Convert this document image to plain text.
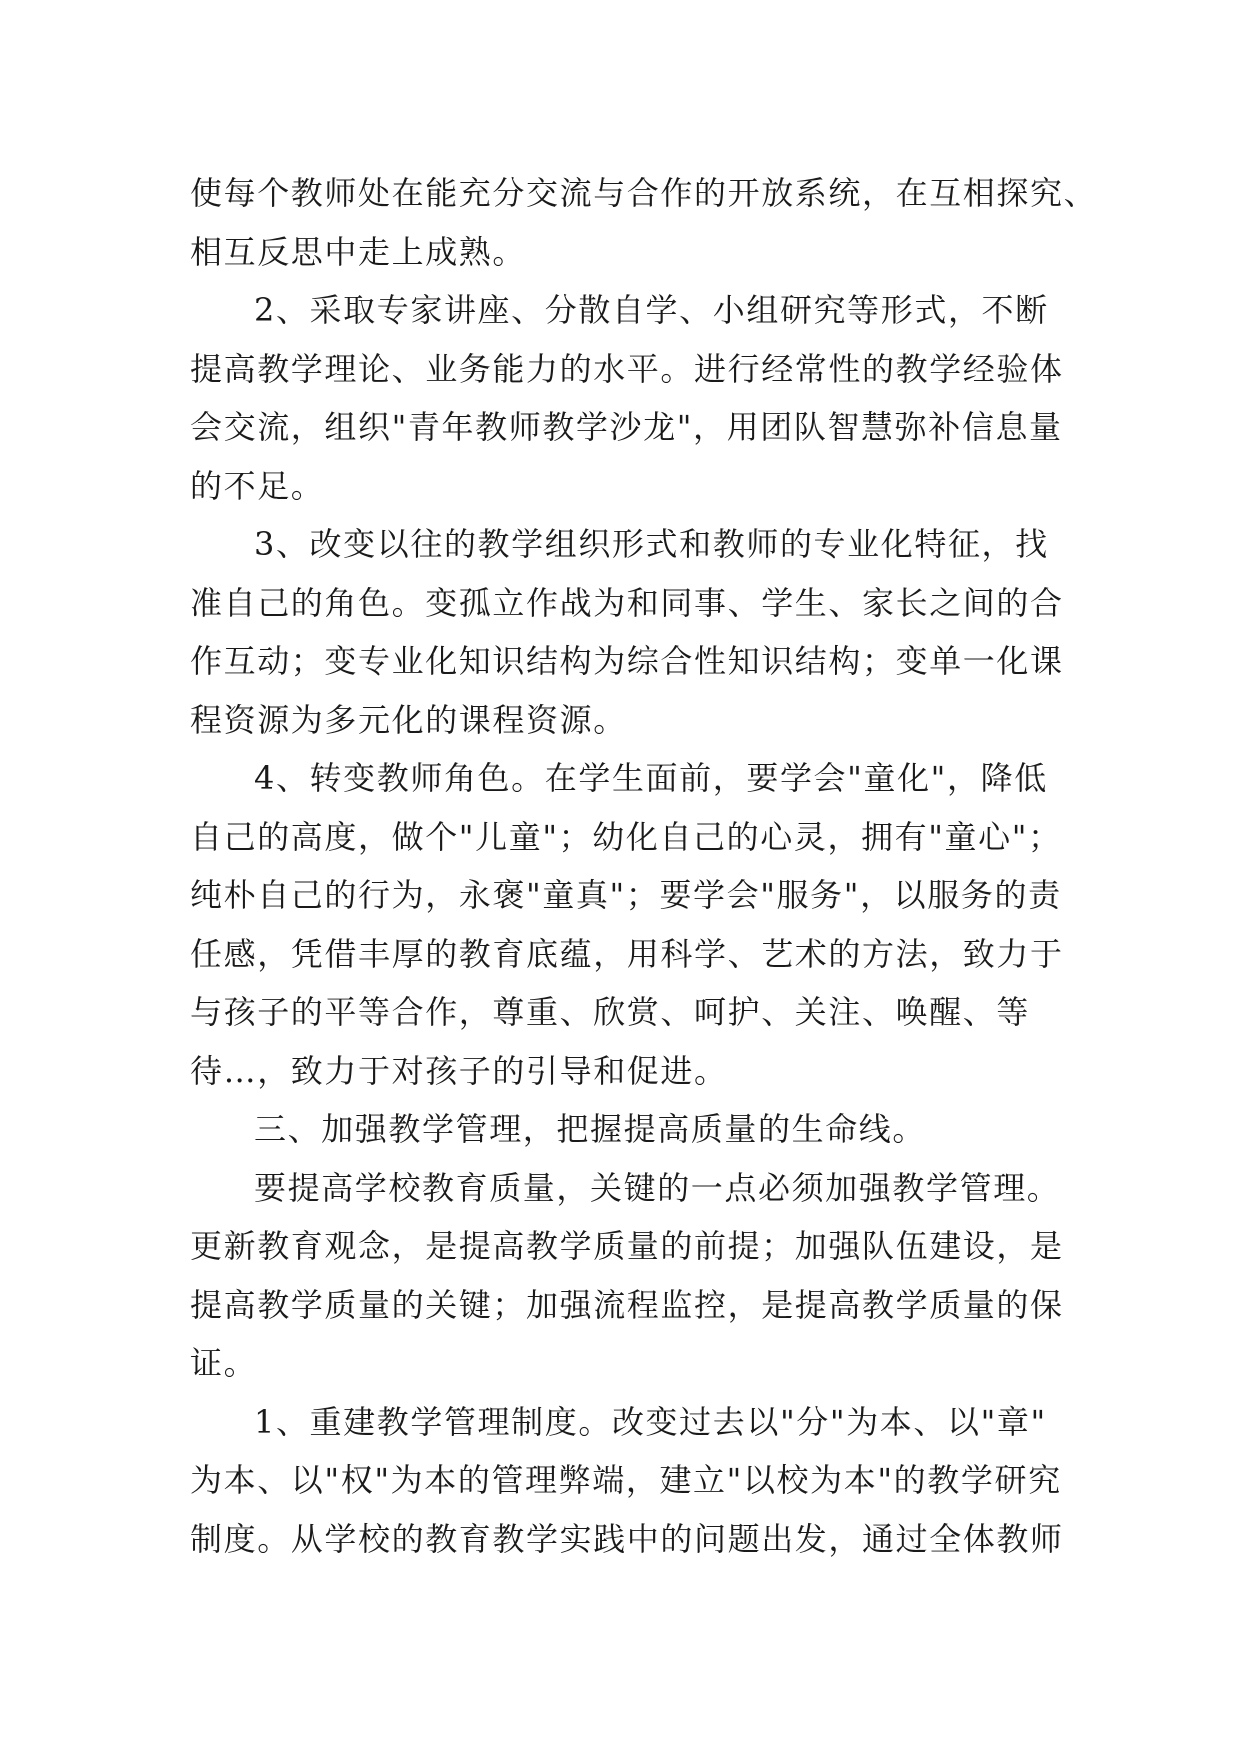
使每个教师处在能充分交流与合作的开放系统，在互相探究、
相互反思中走上成熟。
2、采取专家讲座、分散自学、小组研究等形式，不断
提高教学理论、业务能力的水平。进行经常性的教学经验体
会交流，组织"青年教师教学沙龙"，用团队智慧弥补信息量
的不足。
3、改变以往的教学组织形式和教师的专业化特征，找
准自己的角色。变孤立作战为和同事、学生、家长之间的合
作互动；变专业化知识结构为综合性知识结构；变单一化课
程资源为多元化的课程资源。
4、转变教师角色。在学生面前，要学会"童化"，降低
自己的高度，做个"儿童"；幼化自己的心灵，拥有"童心"；
纯朴自己的行为，永褒"童真"；要学会"服务"，以服务的责
任感，凭借丰厚的教育底蕴，用科学、艺术的方法，致力于
与孩子的平等合作，尊重、欣赏、呵护、关注、唤醒、等
待…，致力于对孩子的引导和促进。
三、加强教学管理，把握提高质量的生命线。
要提高学校教育质量，关键的一点必须加强教学管理。
更新教育观念，是提高教学质量的前提；加强队伍建设，是
提高教学质量的关键；加强流程监控，是提高教学质量的保
证。
1、重建教学管理制度。改变过去以"分"为本、以"章"
为本、以"权"为本的管理弊端，建立"以校为本"的教学研究
制度。从学校的教育教学实践中的问题出发，通过全体教师
